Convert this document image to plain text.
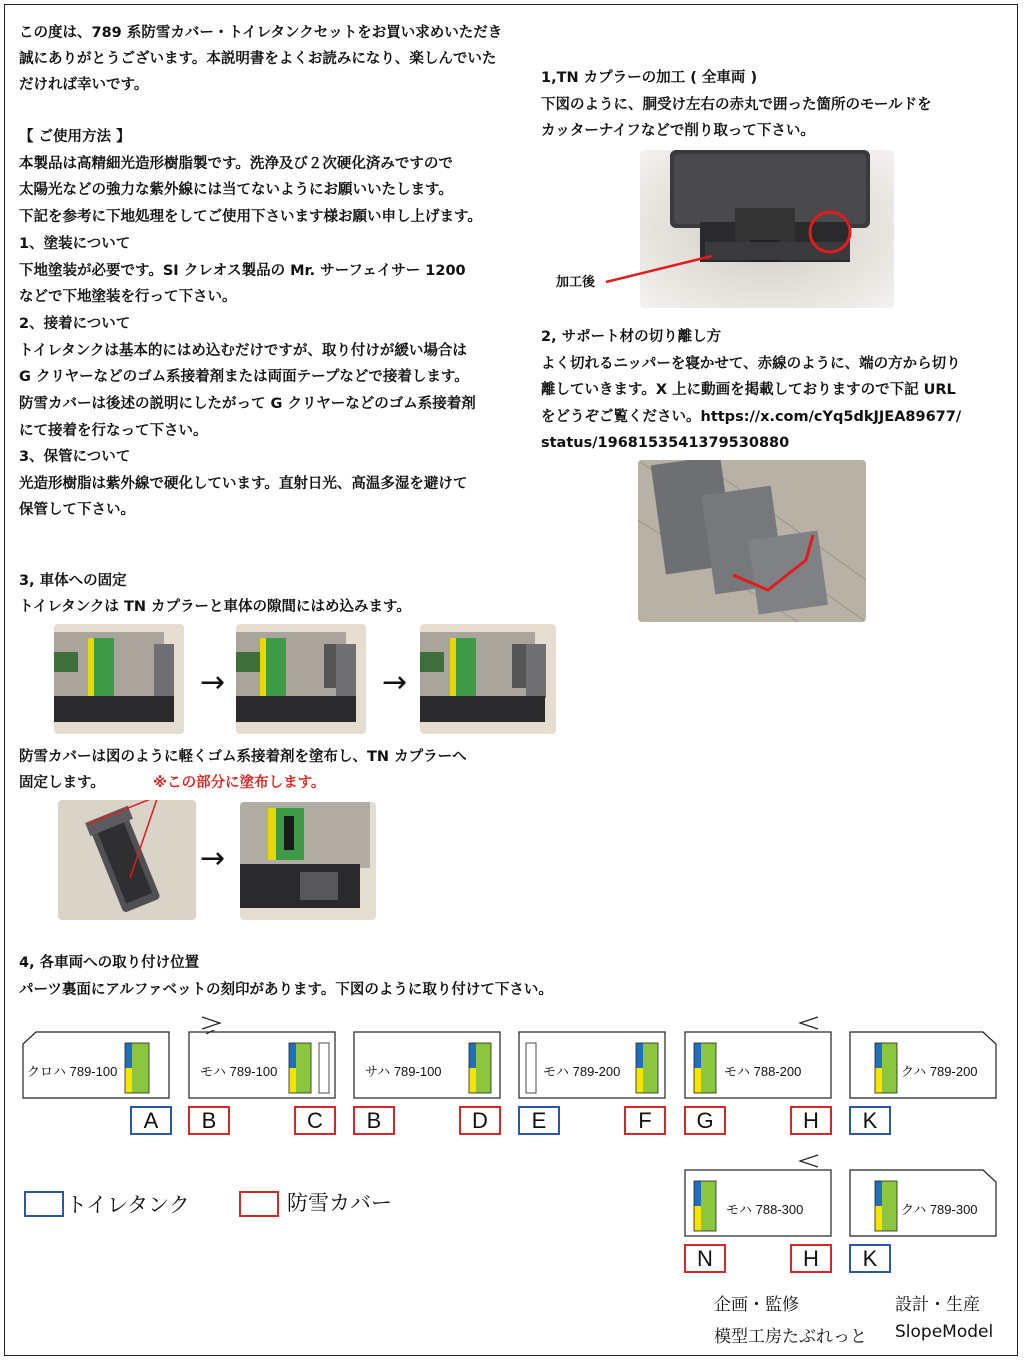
この度は、789 系防雪カバー・トイレタンクセットをお買い求めいただき
誠にありがとうございます。本説明書をよくお読みになり、楽しんでいた
だければ幸いです。
【 ご使用方法 】
本製品は高精細光造形樹脂製です。洗浄及び２次硬化済みですので
太陽光などの強力な紫外線には当てないようにお願いいたします。
下記を参考に下地処理をしてご使用下さいます様お願い申し上げます。
1、塗装について
下地塗装が必要です。SI クレオス製品の Mr. サーフェイサー 1200
などで下地塗装を行って下さい。
2、接着について
トイレタンクは基本的にはめ込むだけですが、取り付けが緩い場合は
G クリヤーなどのゴム系接着剤または両面テープなどで接着します。
防雪カバーは後述の説明にしたがって G クリヤーなどのゴム系接着剤
にて接着を行なって下さい。
3、保管について
光造形樹脂は紫外線で硬化しています。直射日光、高温多湿を避けて
保管して下さい。
1,TN カプラーの加工 ( 全車両 )
下図のように、胴受け左右の赤丸で囲った箇所のモールドを
カッターナイフなどで削り取って下さい。
加工後
2, サポート材の切り離し方
よく切れるニッパーを寝かせて、赤線のように、端の方から切り
離していきます。X 上に動画を掲載しておりますので下記 URL
をどうぞご覧ください。https://x.com/cYq5dkJJEA89677/
status/1968153541379530880
3, 車体への固定
トイレタンクは TN カプラーと車体の隙間にはめ込みます。
→	→
防雪カバーは図のように軽くゴム系接着剤を塗布し、TN カプラーへ
固定します。	※この部分に塗布します。
→
4, 各車両への取り付け位置
パーツ裏面にアルファベットの刻印があります。下図のように取り付けて下さい。
クロハ 789-100	モハ 789-100	サハ 789-100	モハ 789-200	モハ 788-200	クハ 789-200
A	B	C	B	D	E	F	G	H	K
トイレタンク	防雪カバー	モハ 788-300	クハ 789-300
N	H	K
企画・監修
模型工房たぶれっと
設計・生産
SlopeModel
